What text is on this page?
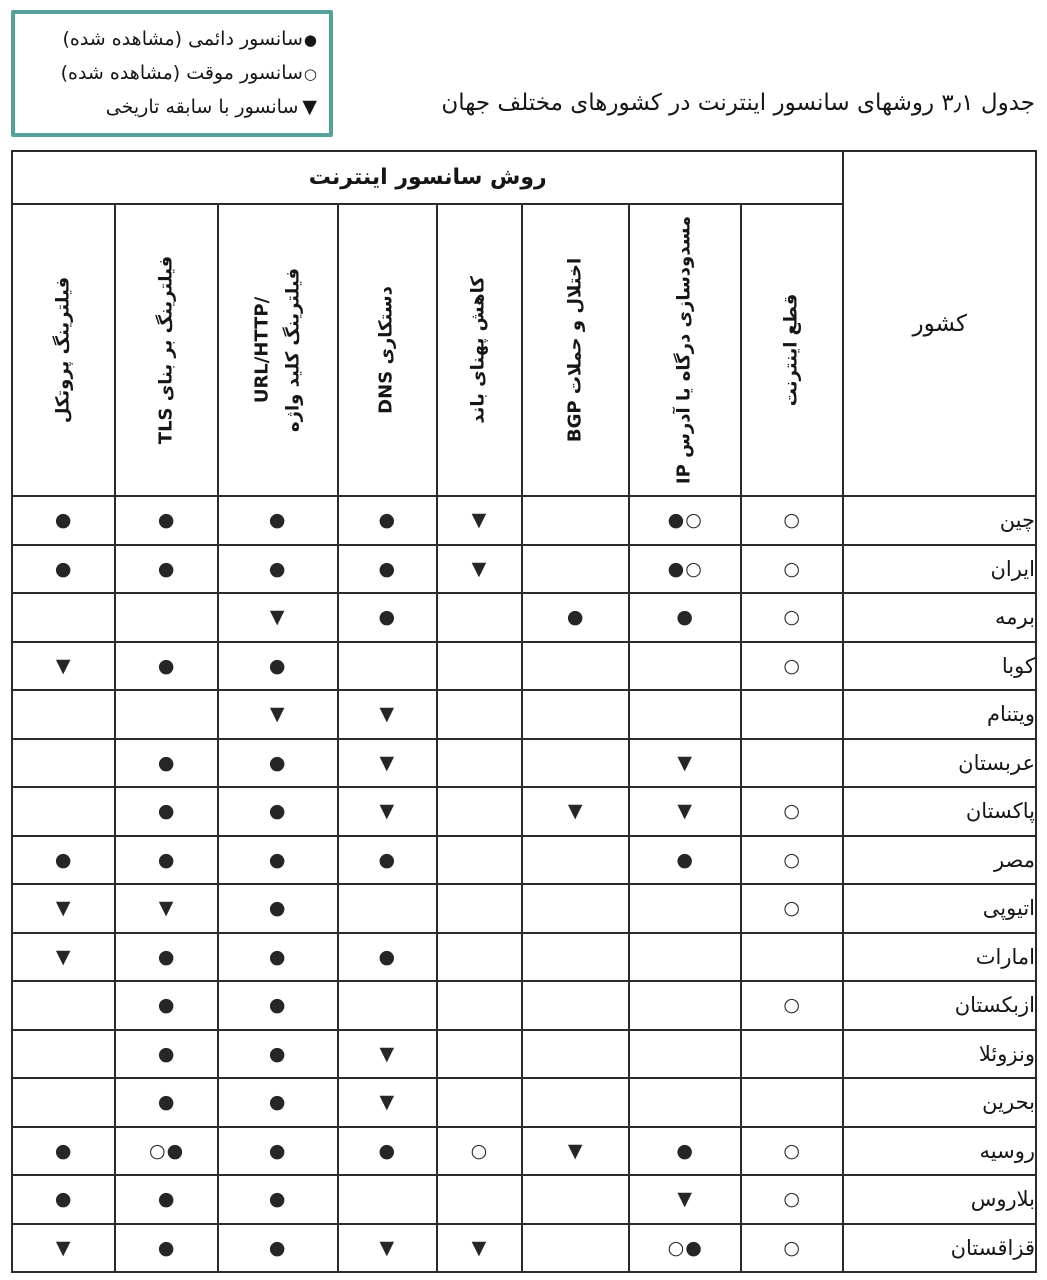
●سانسور دائمی (مشاهده شده)
○سانسور موقت (مشاهده شده)
▼سانسور با سابقه تاریخی	جدول ۳٫۱ روشهای سانسور اینترنت در کشورهای مختلف جهان
روش سانسور اینترنت								کشور

فیلترینگ پروتکل	فیلترینگ بر بنای TLS	URL/HTTP/ فیلترینگ کلید واژه	دستکاری DNS	کاهش پهنای باند	اختلال و حملات BGP	مسدودسازی درگاه یا آدرس IP	قطع اینترنت	

●	●	●	●	▼		●○	○	چین
●	●	●	●	▼		●○	○	ایران
		▼	●		●	●	○	برمه
▼	●	●					○	کوبا
		▼	▼					ویتنام
	●	●	▼			▼		عربستان
	●	●	▼		▼	▼	○	پاکستان
●	●	●	●			●	○	مصر
▼	▼	●					○	اتیوپی
▼	●	●	●					امارات
	●	●					○	ازبکستان
	●	●	▼					ونزوئلا
	●	●	▼					بحرین
●	○●	●	●	○	▼	●	○	روسیه
●	●	●				▼	○	بلاروس
▼	●	●	▼	▼		○●	○	قزاقستان
